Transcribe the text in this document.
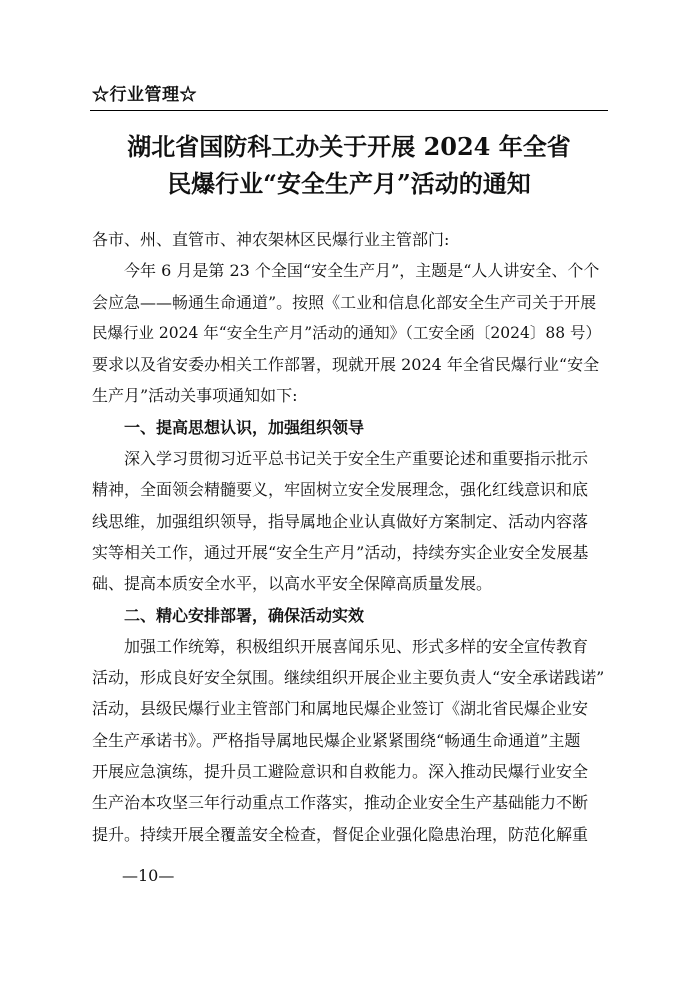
☆行业管理☆
湖北省国防科工办关于开展 2024 年全省
民爆行业“安全生产月”活动的通知
各市、州、直管市、神农架林区民爆行业主管部门:
今年 6 月是第 23 个全国“安全生产月”，主题是“人人讲安全、个个
会应急——畅通生命通道”。按照《工业和信息化部安全生产司关于开展
民爆行业 2024 年“安全生产月”活动的通知》（工安全函〔2024〕88 号）
要求以及省安委办相关工作部署，现就开展 2024 年全省民爆行业“安全
生产月”活动关事项通知如下:
一、提高思想认识，加强组织领导
深入学习贯彻习近平总书记关于安全生产重要论述和重要指示批示
精神，全面领会精髓要义，牢固树立安全发展理念，强化红线意识和底
线思维，加强组织领导，指导属地企业认真做好方案制定、活动内容落
实等相关工作，通过开展“安全生产月”活动，持续夯实企业安全发展基
础、提高本质安全水平，以高水平安全保障高质量发展。
二、精心安排部署，确保活动实效
加强工作统筹，积极组织开展喜闻乐见、形式多样的安全宣传教育
活动，形成良好安全氛围。继续组织开展企业主要负责人“安全承诺践诺”
活动，县级民爆行业主管部门和属地民爆企业签订《湖北省民爆企业安
全生产承诺书》。严格指导属地民爆企业紧紧围绕“畅通生命通道”主题
开展应急演练，提升员工避险意识和自救能力。深入推动民爆行业安全
生产治本攻坚三年行动重点工作落实，推动企业安全生产基础能力不断
提升。持续开展全覆盖安全检查，督促企业强化隐患治理，防范化解重
—10—
